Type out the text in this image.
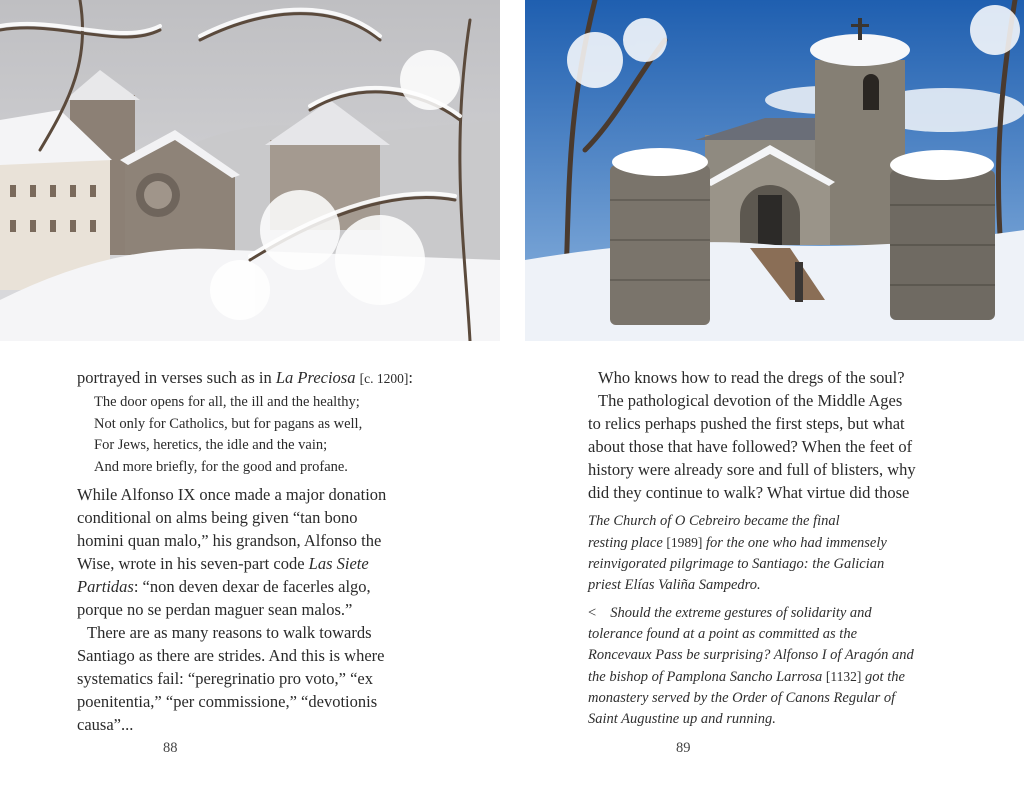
portrayed in verses such as in La Preciosa [c. 1200]:
The door opens for all, the ill and the healthy;
Not only for Catholics, but for pagans as well,
For Jews, heretics, the idle and the vain;
And more briefly, for the good and profane.
While Alfonso IX once made a major donation
conditional on alms being given “tan bono
homini quan malo,” his grandson, Alfonso the
Wise, wrote in his seven-part code Las Siete
Partidas: “non deven dexar de facerles algo,
porque no se perdan maguer sean malos.”
There are as many reasons to walk towards
Santiago as there are strides. And this is where
systematics fail: “peregrinatio pro voto,” “ex
poenitentia,” “per commissione,” “devotionis
causa”...
88
Who knows how to read the dregs of the soul?
The pathological devotion of the Middle Ages
to relics perhaps pushed the first steps, but what
about those that have followed? When the feet of
history were already sore and full of blisters, why
did they continue to walk? What virtue did those
The Church of O Cebreiro became the final
resting place [1989] for the one who had immensely
reinvigorated pilgrimage to Santiago: the Galician
priest Elías Valiña Sampedro.
< Should the extreme gestures of solidarity and
tolerance found at a point as committed as the
Roncevaux Pass be surprising? Alfonso I of Aragón and
the bishop of Pamplona Sancho Larrosa [1132] got the
monastery served by the Order of Canons Regular of
Saint Augustine up and running.
89
